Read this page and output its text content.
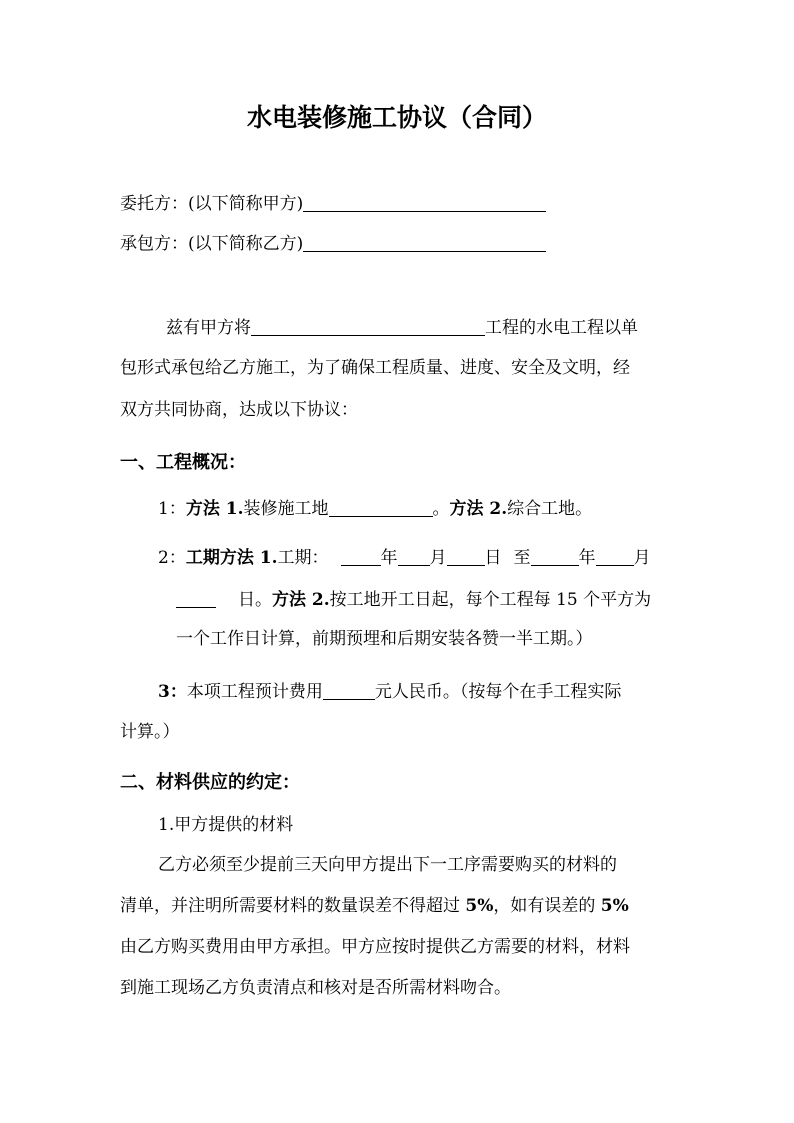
水电装修施工协议（合同）
委托方：(以下简称甲方)
承包方：(以下简称乙方)
兹有甲方将	工程的水电工程以单
包形式承包给乙方施工，为了确保工程质量、进度、安全及文明，经
双方共同协商，达成以下协议：
一、工程概况：
1：方法 1.装修施工地	。方法 2.综合工地。
2：工期方法 1.工期：	年 月 日 至	年 月
日。方法 2.按工地开工日起，每个工程每 15 个平方为
一个工作日计算，前期预埋和后期安装各赞一半工期。）
3：本项工程预计费用	元人民币。（按每个在手工程实际
计算。）
二、材料供应的约定：
1.甲方提供的材料
乙方必须至少提前三天向甲方提出下一工序需要购买的材料的
清单，并注明所需要材料的数量误差不得超过 5%，如有误差的 5%
由乙方购买费用由甲方承担。甲方应按时提供乙方需要的材料，材料
到施工现场乙方负责清点和核对是否所需材料吻合。
